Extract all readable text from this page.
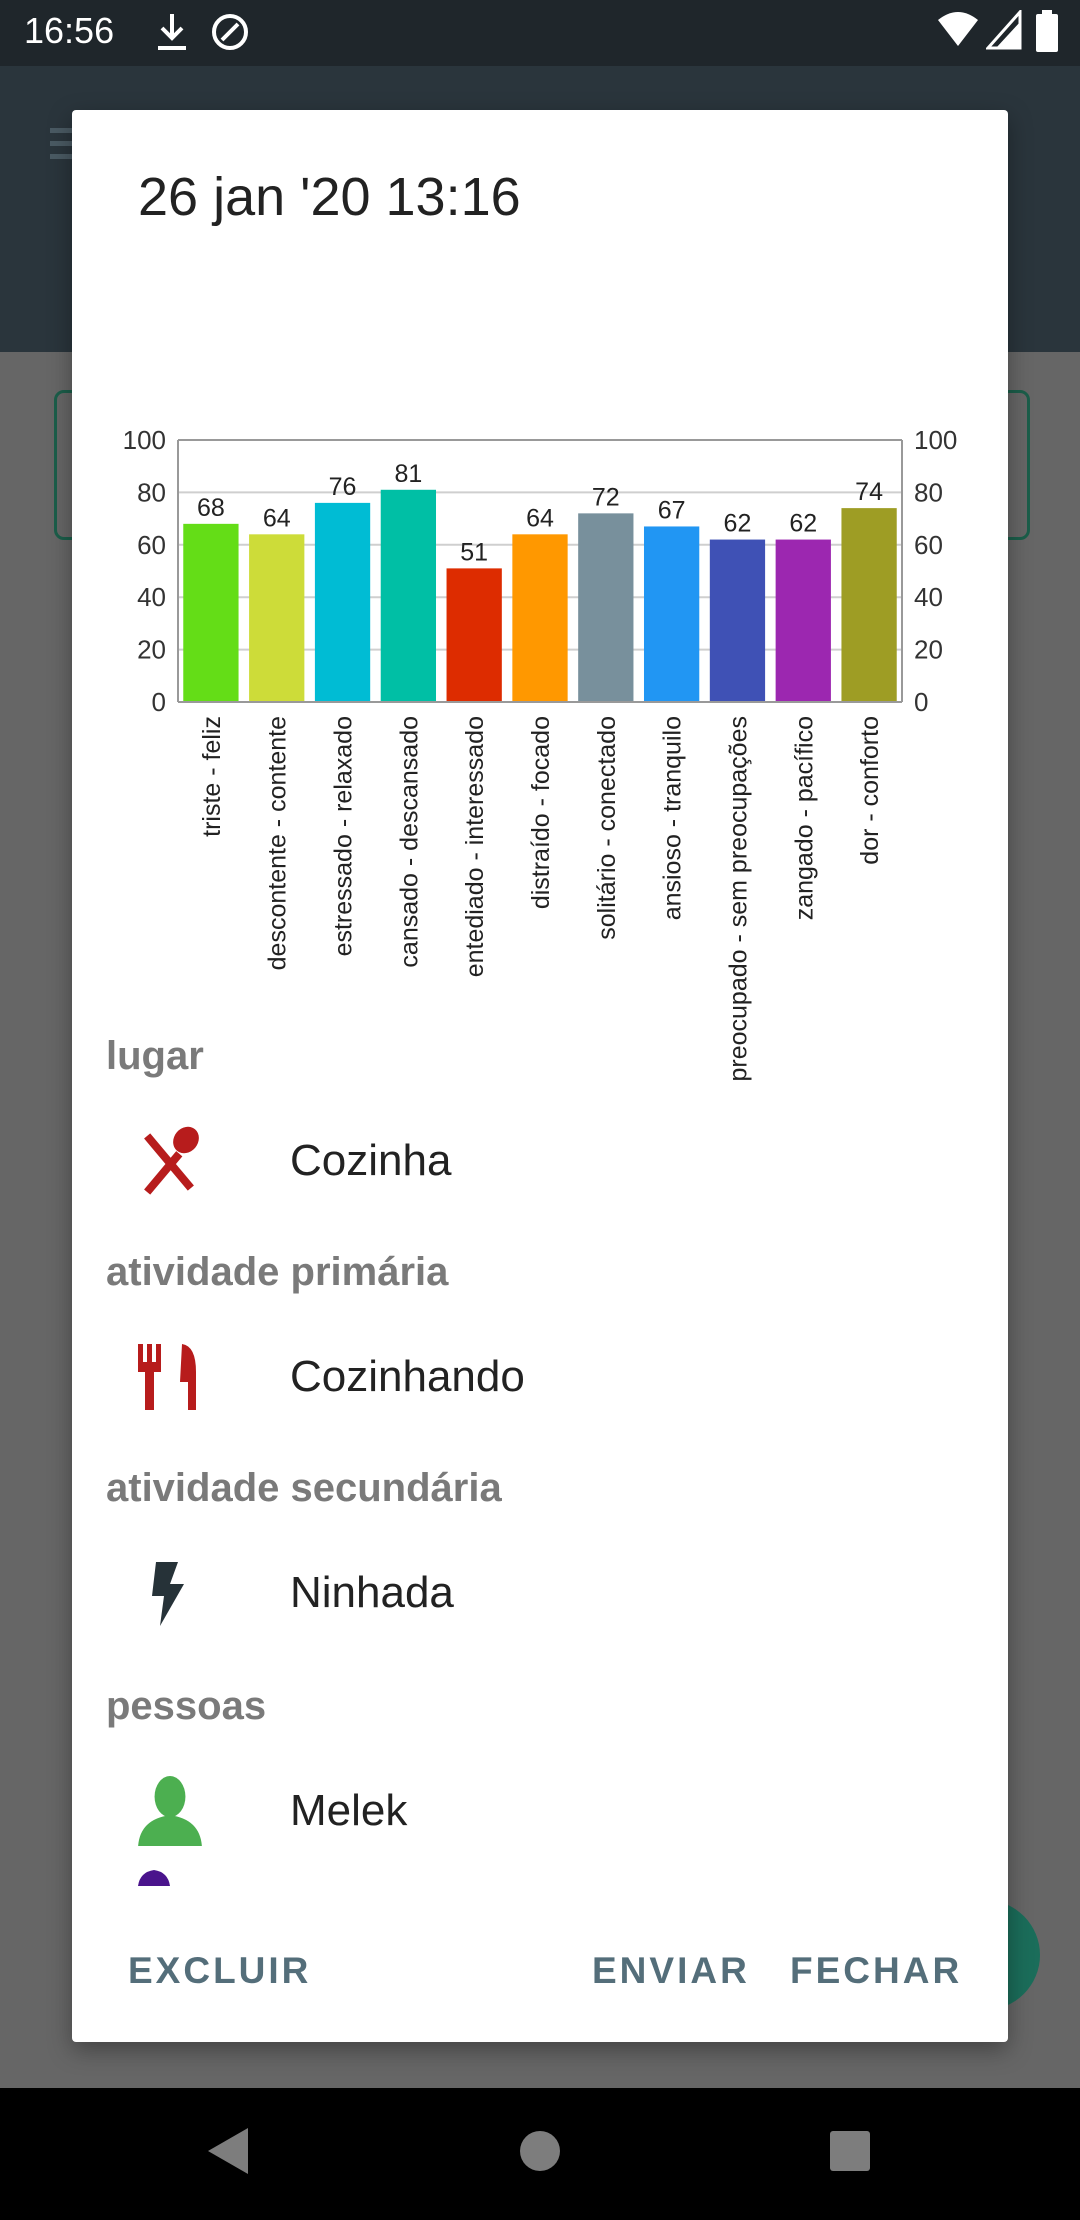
16:56
26 jan '20 13:16
0	0
20	20
40	40
60	60
80	80
100	100
68
triste - feliz
64
descontente - contente
76
estressado - relaxado
81
cansado - descansado
51
entediado - interessado
64
distraído - focado
72
solitário - conectado
67
ansioso - tranquilo
62
preocupado - sem preocupações
62
zangado - pacífico
74
dor - conforto
lugar
Cozinha
atividade primária
Cozinhando
atividade secundária
Ninhada
pessoas
Melek
EXCLUIR	ENVIAR FECHAR
